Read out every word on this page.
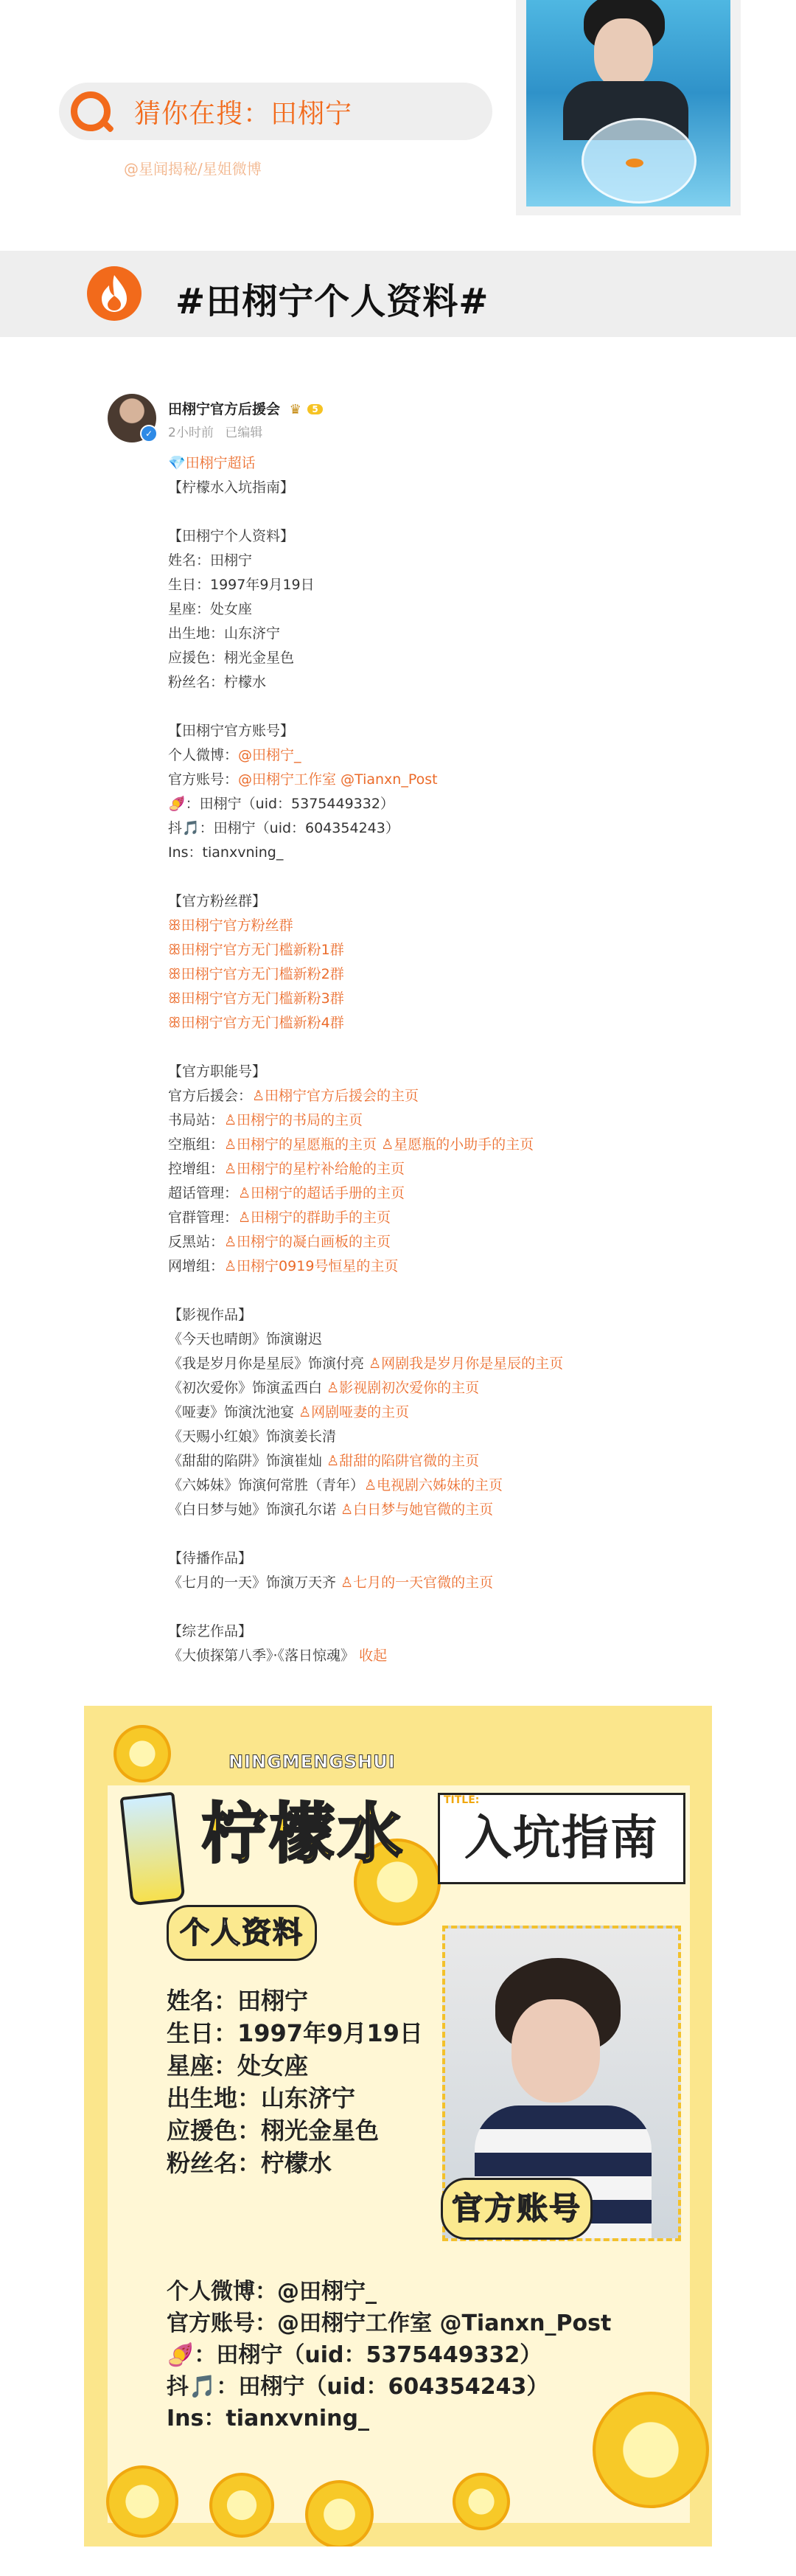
猜你在搜：田栩宁
@星闻揭秘/星姐微博
#田栩宁个人资料#
✓
田栩宁官方后援会 ♛ 5
2小时前 已编辑
💎田栩宁超话
【柠檬水入坑指南】
【田栩宁个人资料】
姓名：田栩宁
生日：1997年9月19日
星座：处女座
出生地：山东济宁
应援色：栩光金星色
粉丝名：柠檬水
【田栩宁官方账号】
个人微博：@田栩宁_
官方账号：@田栩宁工作室 @Tianxn_Post
🍠：田栩宁（uid：5375449332）
抖🎵：田栩宁（uid：604354243）
Ins：tianxvning_
【官方粉丝群】
ꕥ田栩宁官方粉丝群
ꕥ田栩宁官方无门槛新粉1群
ꕥ田栩宁官方无门槛新粉2群
ꕥ田栩宁官方无门槛新粉3群
ꕥ田栩宁官方无门槛新粉4群
【官方职能号】
官方后援会：♙田栩宁官方后援会的主页
书局站：♙田栩宁的书局的主页
空瓶组：♙田栩宁的星愿瓶的主页 ♙星愿瓶的小助手的主页
控增组：♙田栩宁的星柠补给舱的主页
超话管理：♙田栩宁的超话手册的主页
官群管理：♙田栩宁的群助手的主页
反黑站：♙田栩宁的凝白画板的主页
网增组：♙田栩宁0919号恒星的主页
【影视作品】
《今天也晴朗》饰演谢迟
《我是岁月你是星辰》饰演付亮 ♙网剧我是岁月你是星辰的主页
《初次爱你》饰演孟西白 ♙影视剧初次爱你的主页
《哑妻》饰演沈池宴 ♙网剧哑妻的主页
《天赐小红娘》饰演姜长清
《甜甜的陷阱》饰演崔灿 ♙甜甜的陷阱官微的主页
《六姊妹》饰演何常胜（青年）♙电视剧六姊妹的主页
《白日梦与她》饰演孔尔诺 ♙白日梦与她官微的主页
【待播作品】
《七月的一天》饰演万天齐 ♙七月的一天官微的主页
【综艺作品】
《大侦探第八季》·《落日惊魂》 收起
NINGMENGSHUI
柠檬水	入坑指南
TITLE:
个人资料
姓名：田栩宁
生日：1997年9月19日
星座：处女座
出生地：山东济宁
应援色：栩光金星色
粉丝名：柠檬水
官方账号
个人微博：@田栩宁_
官方账号：@田栩宁工作室 @Tianxn_Post
🍠：田栩宁（uid：5375449332）
抖🎵：田栩宁（uid：604354243）
Ins：tianxvning_
